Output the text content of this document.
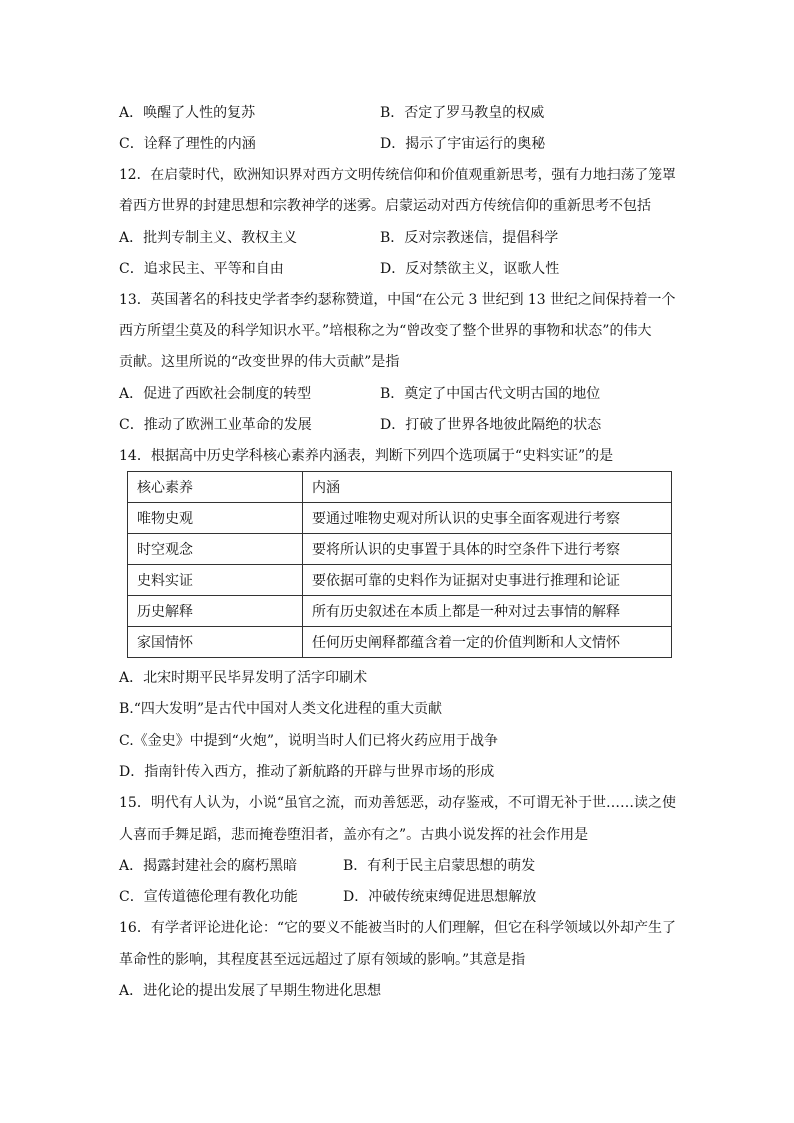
A．唤醒了人性的复苏	B．否定了罗马教皇的权威
C．诠释了理性的内涵	D．揭示了宇宙运行的奥秘
12．在启蒙时代，欧洲知识界对西方文明传统信仰和价值观重新思考，强有力地扫荡了笼罩
着西方世界的封建思想和宗教神学的迷雾。启蒙运动对西方传统信仰的重新思考不包括
A．批判专制主义、教权主义	B．反对宗教迷信，提倡科学
C．追求民主、平等和自由	D．反对禁欲主义，讴歌人性
13．英国著名的科技史学者李约瑟称赞道，中国“在公元 3 世纪到 13 世纪之间保持着一个
西方所望尘莫及的科学知识水平。”培根称之为“曾改变了整个世界的事物和状态”的伟大
贡献。这里所说的“改变世界的伟大贡献”是指
A．促进了西欧社会制度的转型	B．奠定了中国古代文明古国的地位
C．推动了欧洲工业革命的发展	D．打破了世界各地彼此隔绝的状态
14．根据高中历史学科核心素养内涵表，判断下列四个选项属于“史料实证”的是
核心素养	内涵
唯物史观	要通过唯物史观对所认识的史事全面客观进行考察
时空观念	要将所认识的史事置于具体的时空条件下进行考察
史料实证	要依据可靠的史料作为证据对史事进行推理和论证
历史解释	所有历史叙述在本质上都是一种对过去事情的解释
家国情怀	任何历史阐释都蕴含着一定的价值判断和人文情怀
A．北宋时期平民毕昇发明了活字印刷术
B.“四大发明”是古代中国对人类文化进程的重大贡献
C.《金史》中提到“火炮”，说明当时人们已将火药应用于战争
D．指南针传入西方，推动了新航路的开辟与世界市场的形成
15．明代有人认为，小说“虽官之流，而劝善惩恶，动存鉴戒，不可谓无补于世……读之使
人喜而手舞足蹈，悲而掩卷堕泪者，盖亦有之”。古典小说发挥的社会作用是
A．揭露封建社会的腐朽黑暗	B．有利于民主启蒙思想的萌发
C．宣传道德伦理有教化功能	D．冲破传统束缚促进思想解放
16．有学者评论进化论：“它的要义不能被当时的人们理解，但它在科学领域以外却产生了
革命性的影响，其程度甚至远远超过了原有领域的影响。”其意是指
A．进化论的提出发展了早期生物进化思想
